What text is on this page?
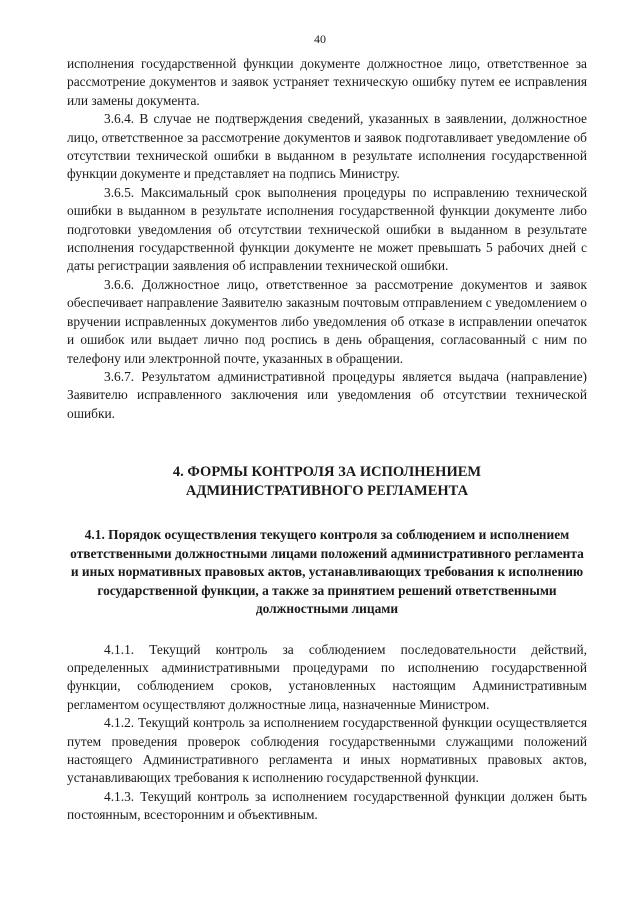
40

исполнения государственной функции документе должностное лицо, ответственное за рассмотрение документов и заявок устраняет техническую ошибку путем ее исправления или замены документа.

3.6.4. В случае не подтверждения сведений, указанных в заявлении, должностное лицо, ответственное за рассмотрение документов и заявок подготавливает уведомление об отсутствии технической ошибки в выданном в результате исполнения государственной функции документе и представляет на подпись Министру.

3.6.5. Максимальный срок выполнения процедуры по исправлению технической ошибки в выданном в результате исполнения государственной функции документе либо подготовки уведомления об отсутствии технической ошибки в выданном в результате исполнения государственной функции документе не может превышать 5 рабочих дней с даты регистрации заявления об исправлении технической ошибки.

3.6.6. Должностное лицо, ответственное за рассмотрение документов и заявок обеспечивает направление Заявителю заказным почтовым отправлением с уведомлением о вручении исправленных документов либо уведомления об отказе в исправлении опечаток и ошибок или выдает лично под роспись в день обращения, согласованный с ним по телефону или электронной почте, указанных в обращении.

3.6.7. Результатом административной процедуры является выдача (направление) Заявителю исправленного заключения или уведомления об отсутствии технической ошибки.

4. ФОРМЫ КОНТРОЛЯ ЗА ИСПОЛНЕНИЕМ АДМИНИСТРАТИВНОГО РЕГЛАМЕНТА
4.1. Порядок осуществления текущего контроля за соблюдением и исполнением ответственными должностными лицами положений административного регламента и иных нормативных правовых актов, устанавливающих требования к исполнению государственной функции, а также за принятием решений ответственными должностными лицами

4.1.1. Текущий контроль за соблюдением последовательности действий, определенных административными процедурами по исполнению государственной функции, соблюдением сроков, установленных настоящим Административным регламентом осуществляют должностные лица, назначенные Министром.

4.1.2. Текущий контроль за исполнением государственной функции осуществляется путем проведения проверок соблюдения государственными служащими положений настоящего Административного регламента и иных нормативных правовых актов, устанавливающих требования к исполнению государственной функции.

4.1.3. Текущий контроль за исполнением государственной функции должен быть постоянным, всесторонним и объективным.
